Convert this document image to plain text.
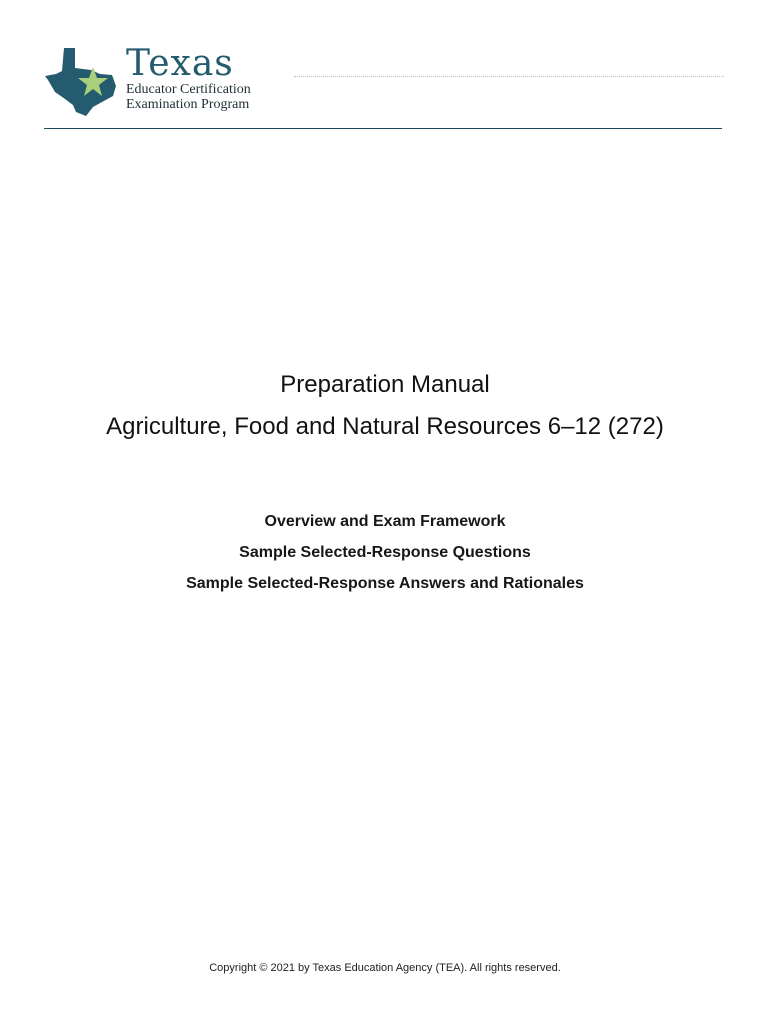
Texas
Educator Certification
Examination Program
Preparation Manual
Agriculture, Food and Natural Resources 6–12 (272)
Overview and Exam Framework
Sample Selected-Response Questions
Sample Selected-Response Answers and Rationales
Copyright © 2021 by Texas Education Agency (TEA). All rights reserved.
